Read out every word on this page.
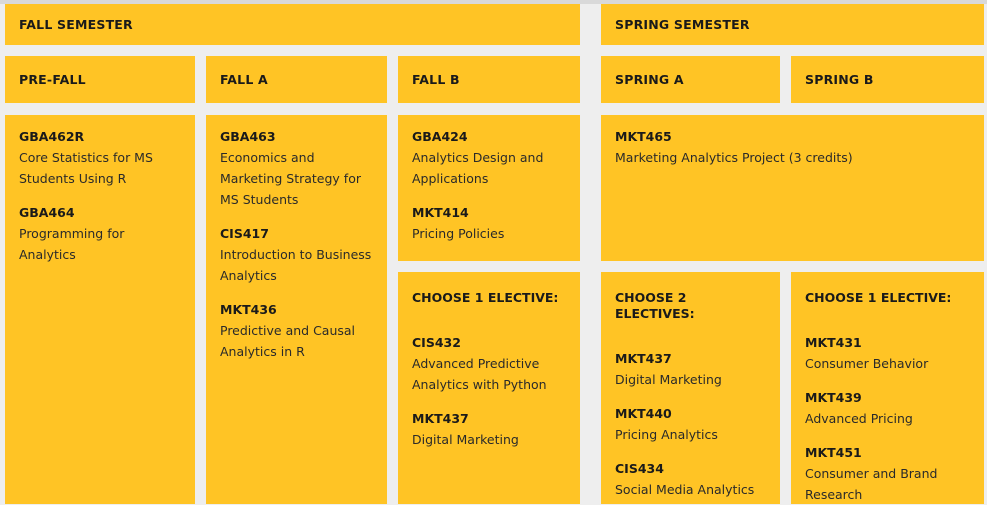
FALL SEMESTER	SPRING SEMESTER
PRE-FALL	FALL A	FALL B	SPRING A	SPRING B
GBA462R
Core Statistics for MS Students Using R
GBA464
Programming for Analytics
GBA463
Economics and Marketing Strategy for MS Students
CIS417
Introduction to Business Analytics
MKT436
Predictive and Causal Analytics in R
GBA424
Analytics Design and Applications
MKT414
Pricing Policies
MKT465
Marketing Analytics Project (3 credits)
CHOOSE 1 ELECTIVE:
CIS432
Advanced Predictive Analytics with Python
MKT437
Digital Marketing
CHOOSE 2 ELECTIVES:
MKT437
Digital Marketing
MKT440
Pricing Analytics
CIS434
Social Media Analytics
CHOOSE 1 ELECTIVE:
MKT431
Consumer Behavior
MKT439
Advanced Pricing
MKT451
Consumer and Brand Research
